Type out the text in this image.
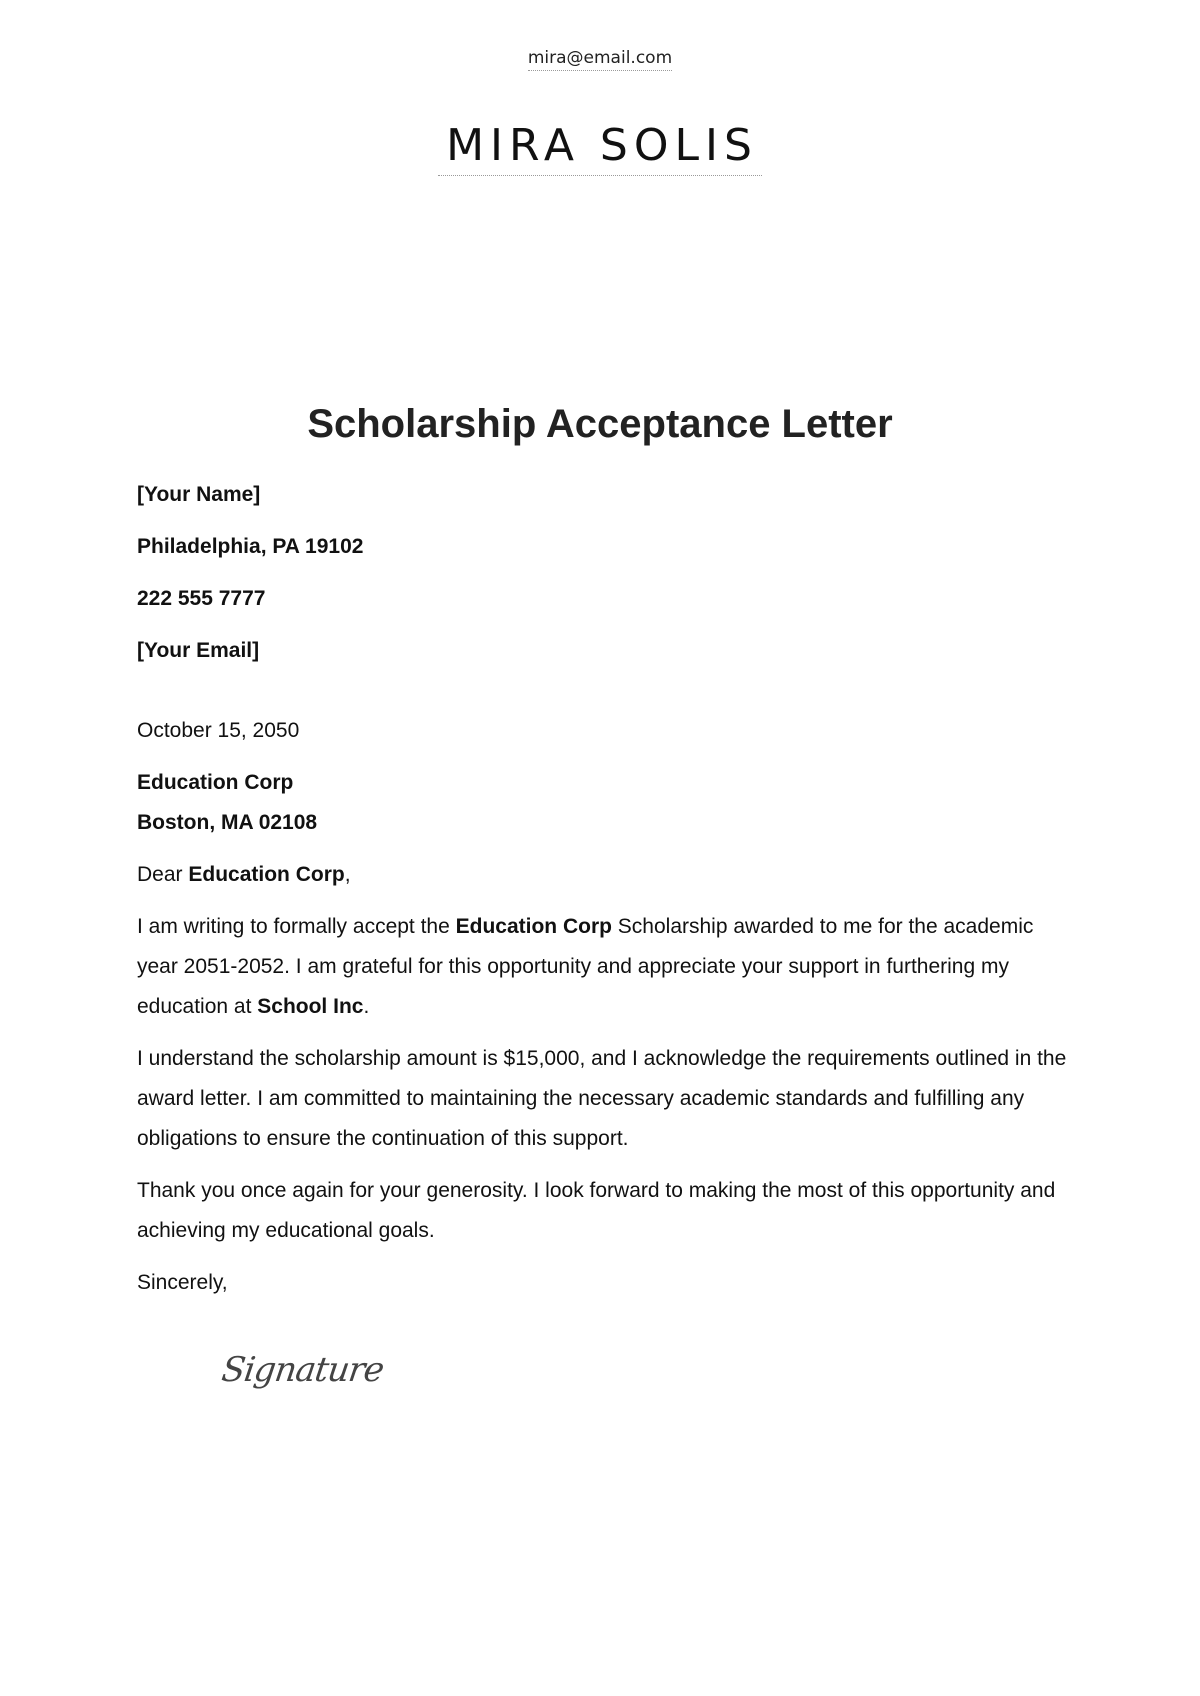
mira@email.com
MIRA SOLIS
Scholarship Acceptance Letter

[Your Name]

Philadelphia, PA 19102

222 555 7777

[Your Email]

October 15, 2050

Education Corp

Boston, MA 02108

Dear Education Corp,

I am writing to formally accept the Education Corp Scholarship awarded to me for the academic year 2051-2052. I am grateful for this opportunity and appreciate your support in furthering my education at School Inc.

I understand the scholarship amount is $15,000, and I acknowledge the requirements outlined in the award letter. I am committed to maintaining the necessary academic standards and fulfilling any obligations to ensure the continuation of this support.

Thank you once again for your generosity. I look forward to making the most of this opportunity and achieving my educational goals.

Sincerely,

Signature
